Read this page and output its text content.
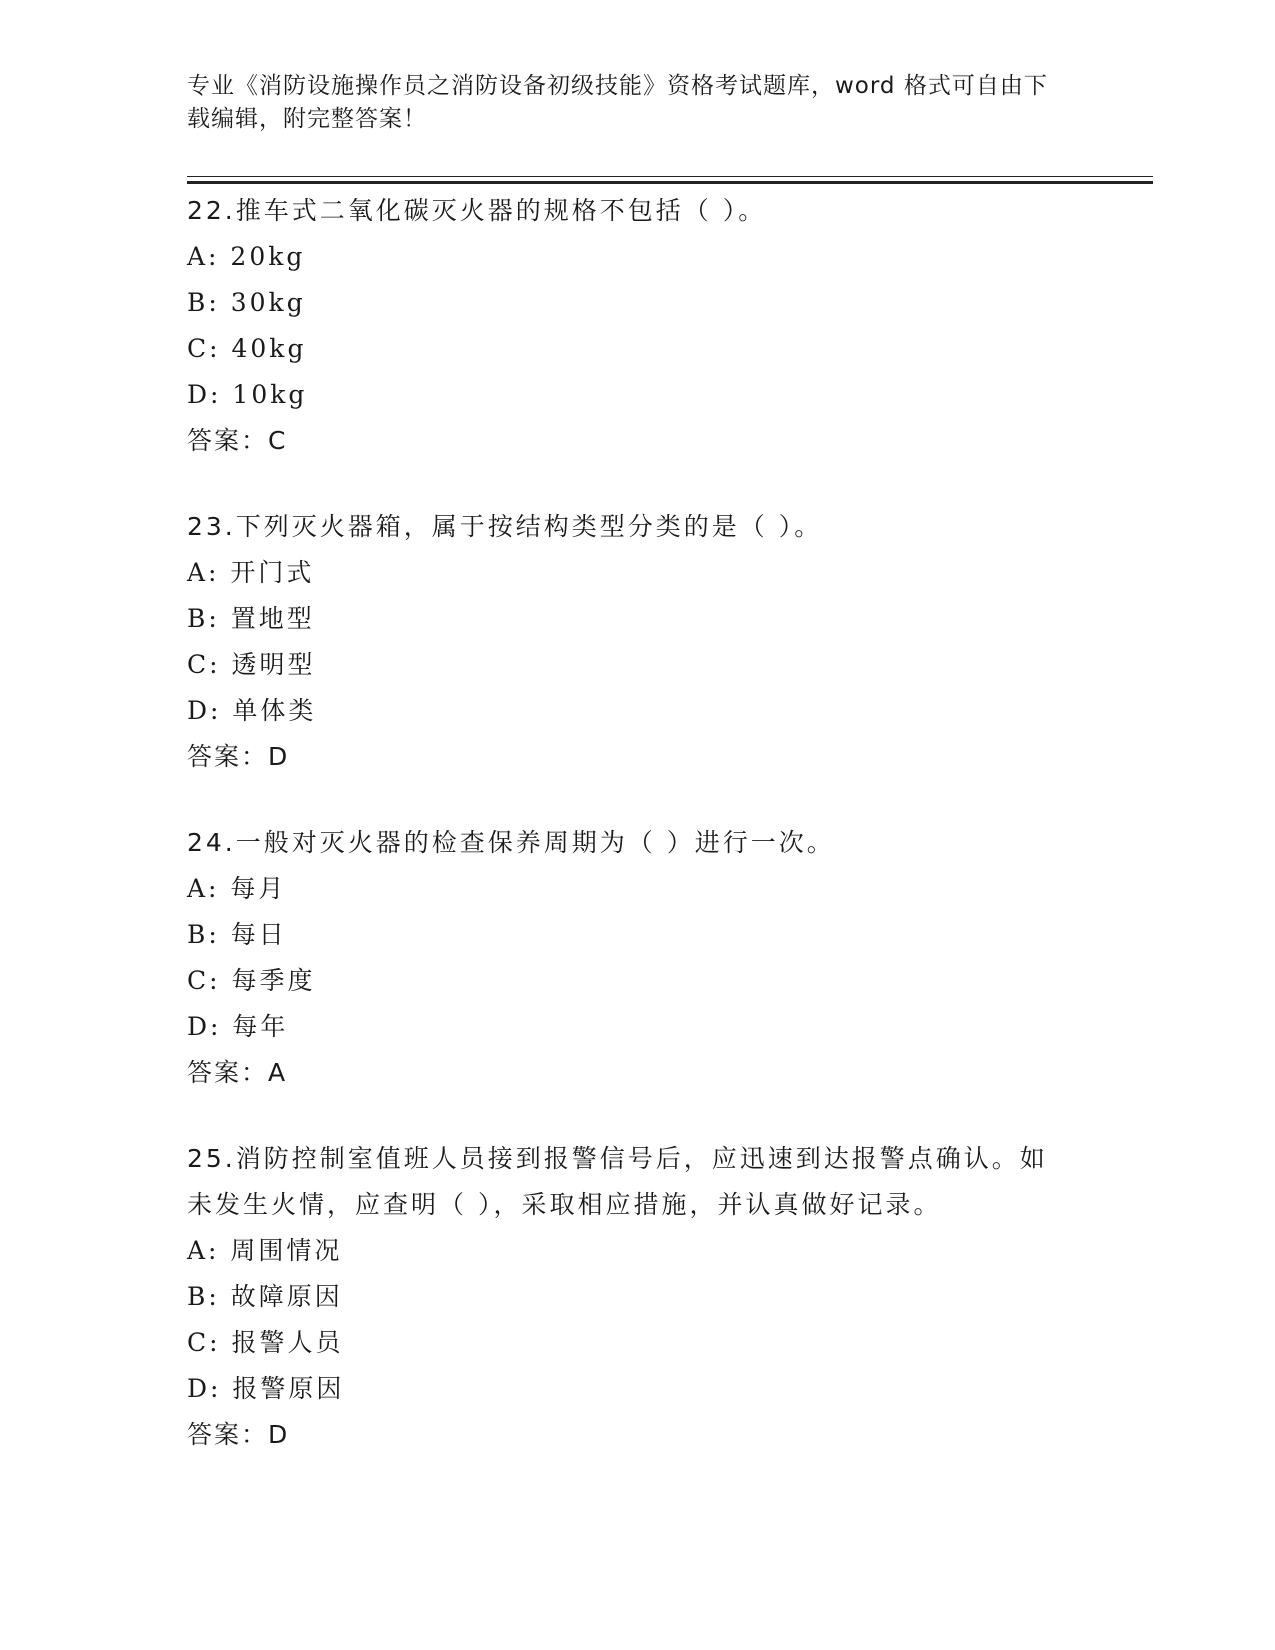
专业《消防设施操作员之消防设备初级技能》资格考试题库，word 格式可自由下载编辑，附完整答案！

22.推车式二氧化碳灭火器的规格不包括（ ）。

A: 20kg

B: 30kg

C: 40kg

D: 10kg

答案：C

23.下列灭火器箱，属于按结构类型分类的是（ ）。

A: 开门式

B: 置地型

C: 透明型

D: 单体类

答案：D

24.一般对灭火器的检查保养周期为（ ）进行一次。

A: 每月

B: 每日

C: 每季度

D: 每年

答案：A

25.消防控制室值班人员接到报警信号后，应迅速到达报警点确认。如未发生火情，应查明（ ），采取相应措施，并认真做好记录。

A: 周围情况

B: 故障原因

C: 报警人员

D: 报警原因

答案：D
